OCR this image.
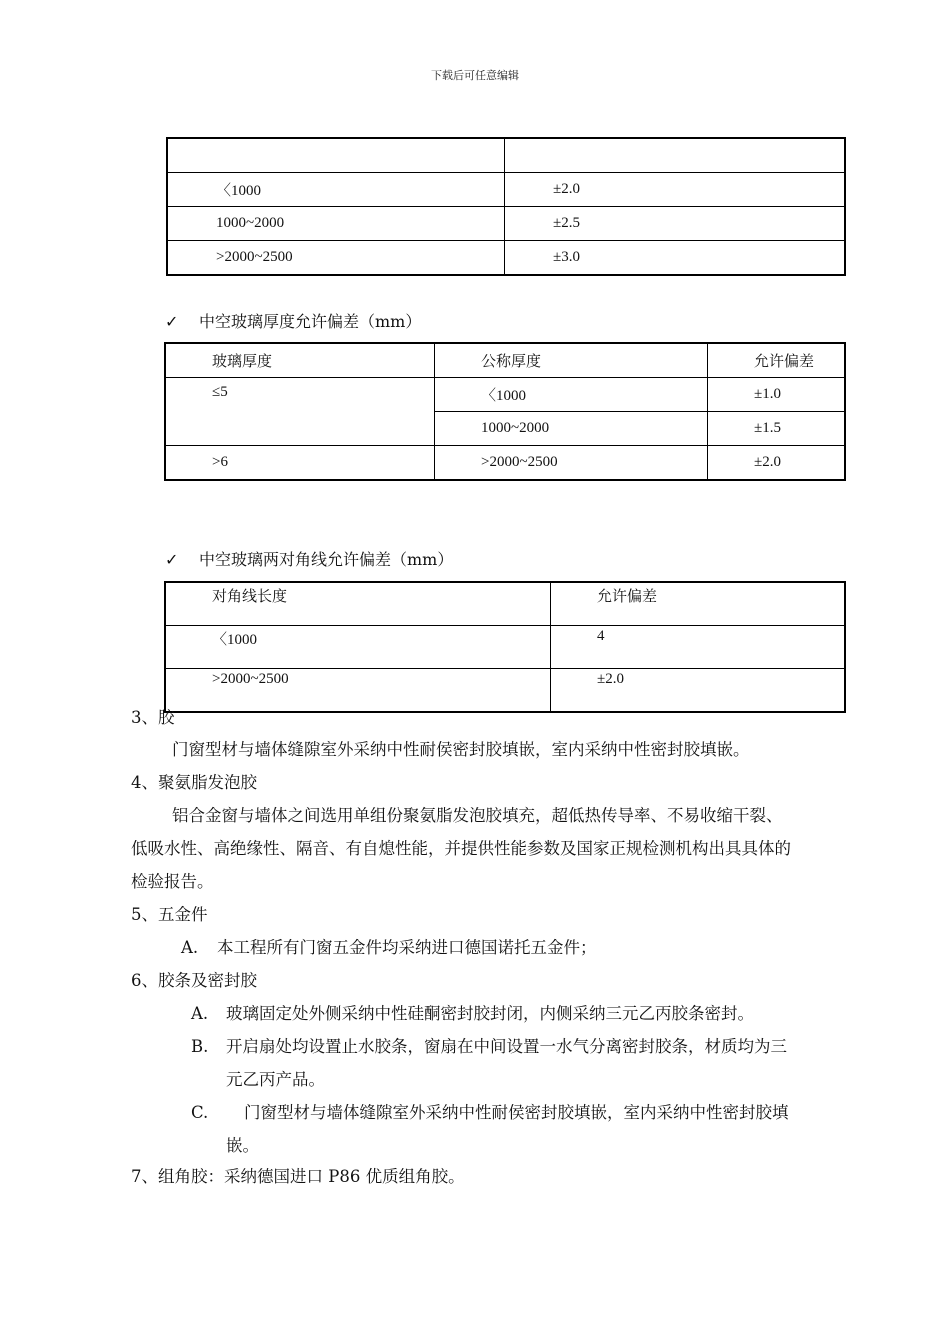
下载后可任意编辑

〈1000	±2.0
1000~2000	±2.5
>2000~2500	±3.0
✓ 中空玻璃厚度允许偏差（mm）
玻璃厚度	公称厚度	允许偏差
≤5	〈1000	±1.0
	1000~2000	±1.5
>6	>2000~2500	±2.0
✓ 中空玻璃两对角线允许偏差（mm）
对角线长度	允许偏差
〈1000	4
>2000~2500	±2.0
3、胶
门窗型材与墙体缝隙室外采纳中性耐侯密封胶填嵌，室内采纳中性密封胶填嵌。
4、聚氨脂发泡胶
铝合金窗与墙体之间选用单组份聚氨脂发泡胶填充，超低热传导率、不易收缩干裂、
低吸水性、高绝缘性、隔音、有自熄性能，并提供性能参数及国家正规检测机构出具具体的
检验报告。
5、五金件
A. 本工程所有门窗五金件均采纳进口德国诺托五金件；
6、胶条及密封胶
A. 玻璃固定处外侧采纳中性硅酮密封胶封闭，内侧采纳三元乙丙胶条密封。
B. 开启扇处均设置止水胶条，窗扇在中间设置一水气分离密封胶条，材质均为三
元乙丙产品。
C. 门窗型材与墙体缝隙室外采纳中性耐侯密封胶填嵌，室内采纳中性密封胶填
嵌。
7、组角胶：采纳德国进口 P86 优质组角胶。
